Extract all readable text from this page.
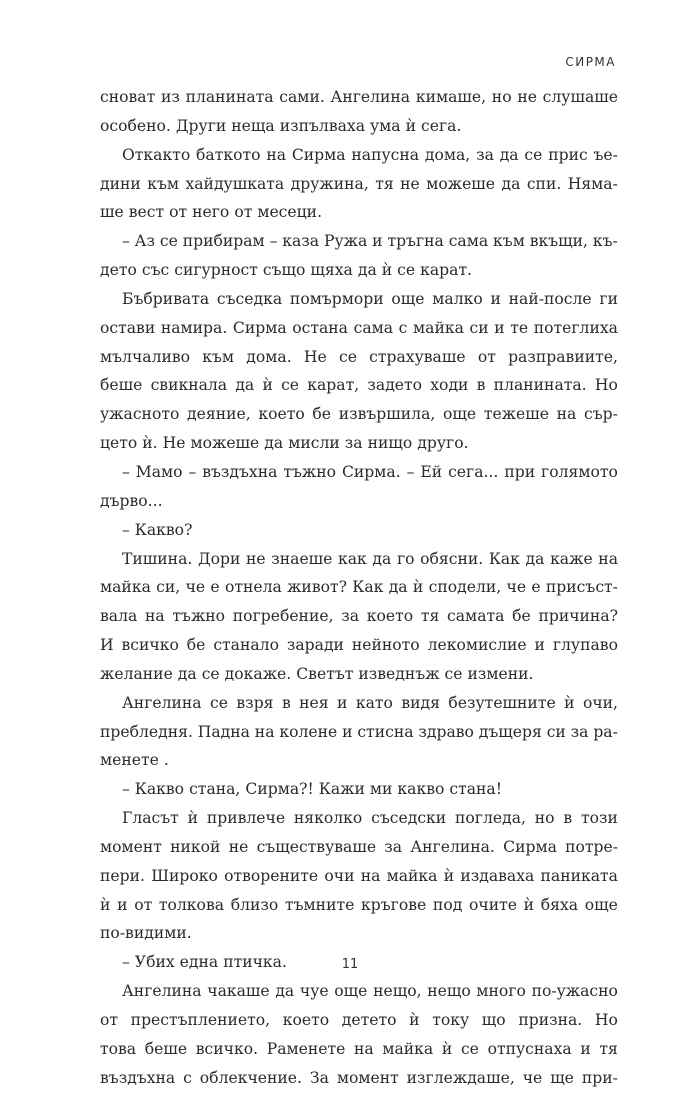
СИРМА
сноват из планината сами. Ангелина кимаше, но не слушаше
особено. Други неща изпълваха ума ѝ сега.
Откакто баткото на Сирма напусна дома, за да се прис ъе-
дини към хайдушката дружина, тя не можеше да спи. Няма-
ше вест от него от месеци.
– Аз се прибирам – каза Ружа и тръгна сама към вкъщи, къ-
дето със сигурност също щяха да ѝ се карат.
Бъбривата съседка помърмори още малко и най-после ги
остави намира. Сирма остана сама с майка си и те потеглиха
мълчаливо към дома. Не се страхуваше от разправиите,
беше свикнала да ѝ се карат, задето ходи в планината. Но
ужасното деяние, което бе извършила, още тежеше на сър-
цето ѝ. Не можеше да мисли за нищо друго.
– Мамо – въздъхна тъжно Сирма. – Ей сега... при голямото
дърво...
– Какво?
Тишина. Дори не знаеше как да го обясни. Как да каже на
майка си, че е отнела живот? Как да ѝ сподели, че е присъст-
вала на тъжно погребение, за което тя самата бе причина?
И всичко бе станало заради нейното лекомислие и глупаво
желание да се докаже. Светът изведнъж се измени.
Ангелина се взря в нея и като видя безутешните ѝ очи,
пребледня. Падна на колене и стисна здраво дъщеря си за ра-
менете .
– Какво стана, Сирма?! Кажи ми какво стана!
Гласът ѝ привлече няколко съседски погледа, но в този
момент никой не съществуваше за Ангелина. Сирма потре-
пери. Широко отворените очи на майка ѝ издаваха паниката
ѝ и от толкова близо тъмните кръгове под очите ѝ бяха още
по-видими.
– Убих една птичка.
Ангелина чакаше да чуе още нещо, нещо много по-ужасно
от престъплението, което детето ѝ току що призна. Но
това беше всичко. Раменете на майка ѝ се отпуснаха и тя
въздъхна с облекчение. За момент изглеждаше, че ще при-
11
